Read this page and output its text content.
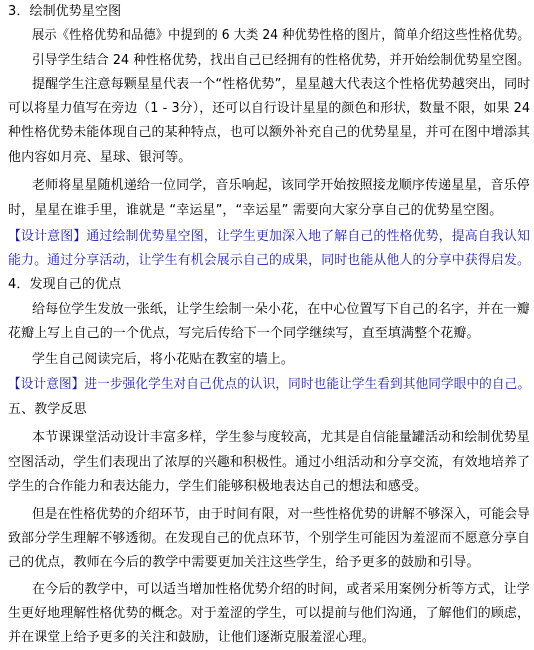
3．绘制优势星空图
展示《性格优势和品德》中提到的 6 大类 24 种优势性格的图片，简单介绍这些性格优势。
引导学生结合 24 种性格优势，找出自己已经拥有的性格优势，并开始绘制优势星空图。
提醒学生注意每颗星星代表一个“性格优势”，星星越大代表这个性格优势越突出，同时
可以将星力值写在旁边（1 - 3分），还可以自行设计星星的颜色和形状，数量不限，如果 24
种性格优势未能体现自己的某种特点，也可以额外补充自己的优势星星，并可在图中增添其
他内容如月亮、星球、银河等。
老师将星星随机递给一位同学，音乐响起，该同学开始按照接龙顺序传递星星，音乐停
时，星星在谁手里，谁就是 “幸运星”，“幸运星” 需要向大家分享自己的优势星空图。
【设计意图】通过绘制优势星空图，让学生更加深入地了解自己的性格优势，提高自我认知
能力。通过分享活动，让学生有机会展示自己的成果，同时也能从他人的分享中获得启发。
4．发现自己的优点
给每位学生发放一张纸，让学生绘制一朵小花，在中心位置写下自己的名字，并在一瓣
花瓣上写上自己的一个优点，写完后传给下一个同学继续写，直至填满整个花瓣。
学生自己阅读完后，将小花贴在教室的墙上。
【设计意图】进一步强化学生对自己优点的认识，同时也能让学生看到其他同学眼中的自己。
五、教学反思
本节课课堂活动设计丰富多样，学生参与度较高，尤其是自信能量罐活动和绘制优势星
空图活动，学生们表现出了浓厚的兴趣和积极性。通过小组活动和分享交流，有效地培养了
学生的合作能力和表达能力，学生们能够积极地表达自己的想法和感受。
但是在性格优势的介绍环节，由于时间有限，对一些性格优势的讲解不够深入，可能会导
致部分学生理解不够透彻。在发现自己的优点环节，个别学生可能因为羞涩而不愿意分享自
己的优点，教师在今后的教学中需要更加关注这些学生，给予更多的鼓励和引导。
在今后的教学中，可以适当增加性格优势介绍的时间，或者采用案例分析等方式，让学
生更好地理解性格优势的概念。对于羞涩的学生，可以提前与他们沟通，了解他们的顾虑，
并在课堂上给予更多的关注和鼓励，让他们逐渐克服羞涩心理。
